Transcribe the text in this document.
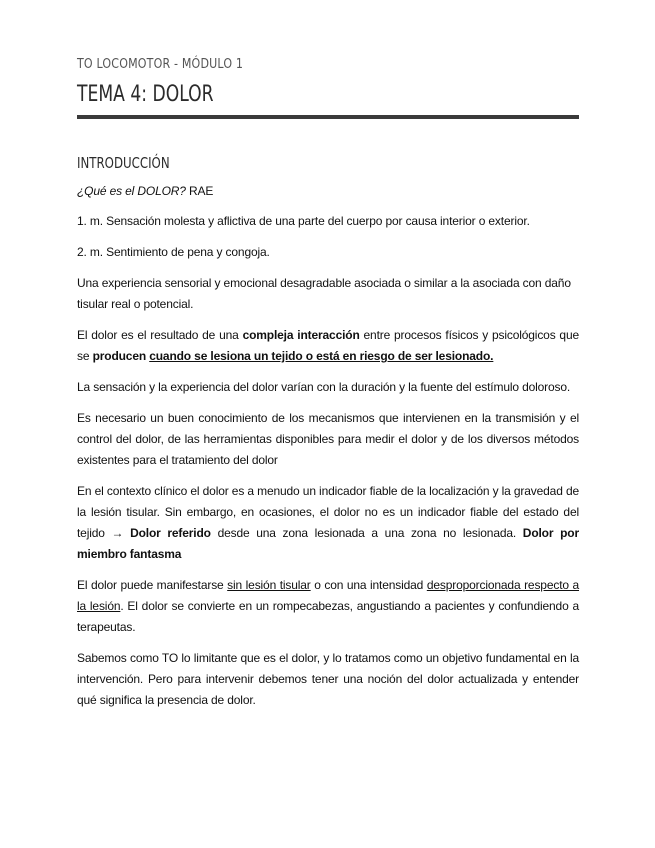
TO LOCOMOTOR - MÓDULO 1
TEMA 4: DOLOR
INTRODUCCIÓN

¿Qué es el DOLOR? RAE

1. m. Sensación molesta y aflictiva de una parte del cuerpo por causa interior o exterior.

2. m. Sentimiento de pena y congoja.

Una experiencia sensorial y emocional desagradable asociada o similar a la asociada con daño tisular real o potencial.

El dolor es el resultado de una compleja interacción entre procesos físicos y psicológicos que se producen cuando se lesiona un tejido o está en riesgo de ser lesionado.

La sensación y la experiencia del dolor varían con la duración y la fuente del estímulo doloroso.

Es necesario un buen conocimiento de los mecanismos que intervienen en la transmisión y el control del dolor, de las herramientas disponibles para medir el dolor y de los diversos métodos existentes para el tratamiento del dolor

En el contexto clínico el dolor es a menudo un indicador fiable de la localización y la gravedad de la lesión tisular. Sin embargo, en ocasiones, el dolor no es un indicador fiable del estado del tejido → Dolor referido desde una zona lesionada a una zona no lesionada. Dolor por miembro fantasma

El dolor puede manifestarse sin lesión tisular o con una intensidad desproporcionada respecto a la lesión. El dolor se convierte en un rompecabezas, angustiando a pacientes y confundiendo a terapeutas.

Sabemos como TO lo limitante que es el dolor, y lo tratamos como un objetivo fundamental en la intervención. Pero para intervenir debemos tener una noción del dolor actualizada y entender qué significa la presencia de dolor.
